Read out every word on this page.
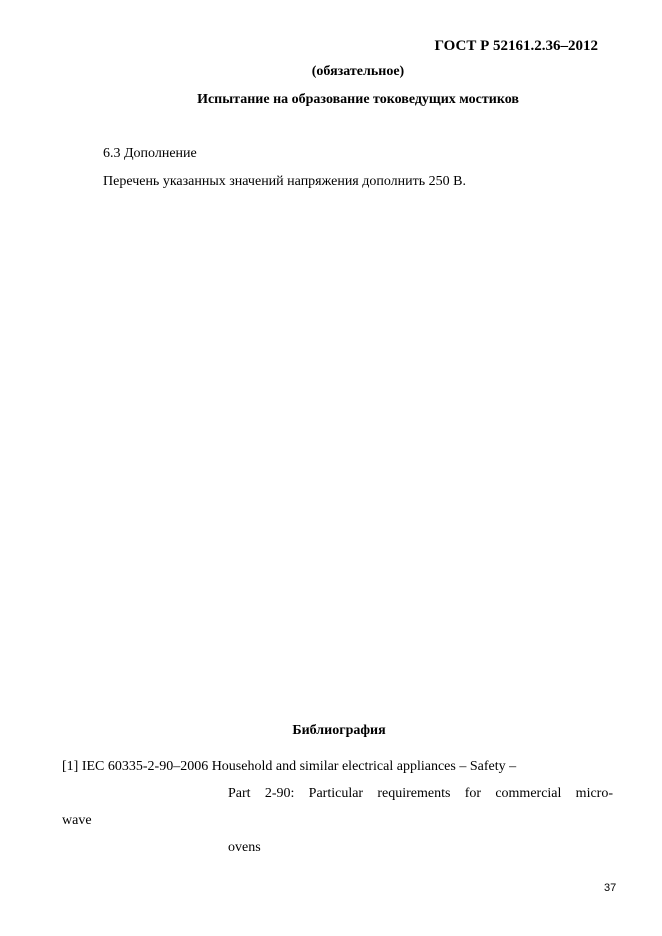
ГОСТ Р 52161.2.36–2012
(обязательное)
Испытание на образование токоведущих мостиков
6.3 Дополнение
Перечень указанных значений напряжения дополнить 250 В.
Библиография
[1] IEC 60335-2-90–2006 Household and similar electrical appliances – Safety –
Part 2-90: Particular requirements for commercial micro-
wave
ovens
37
